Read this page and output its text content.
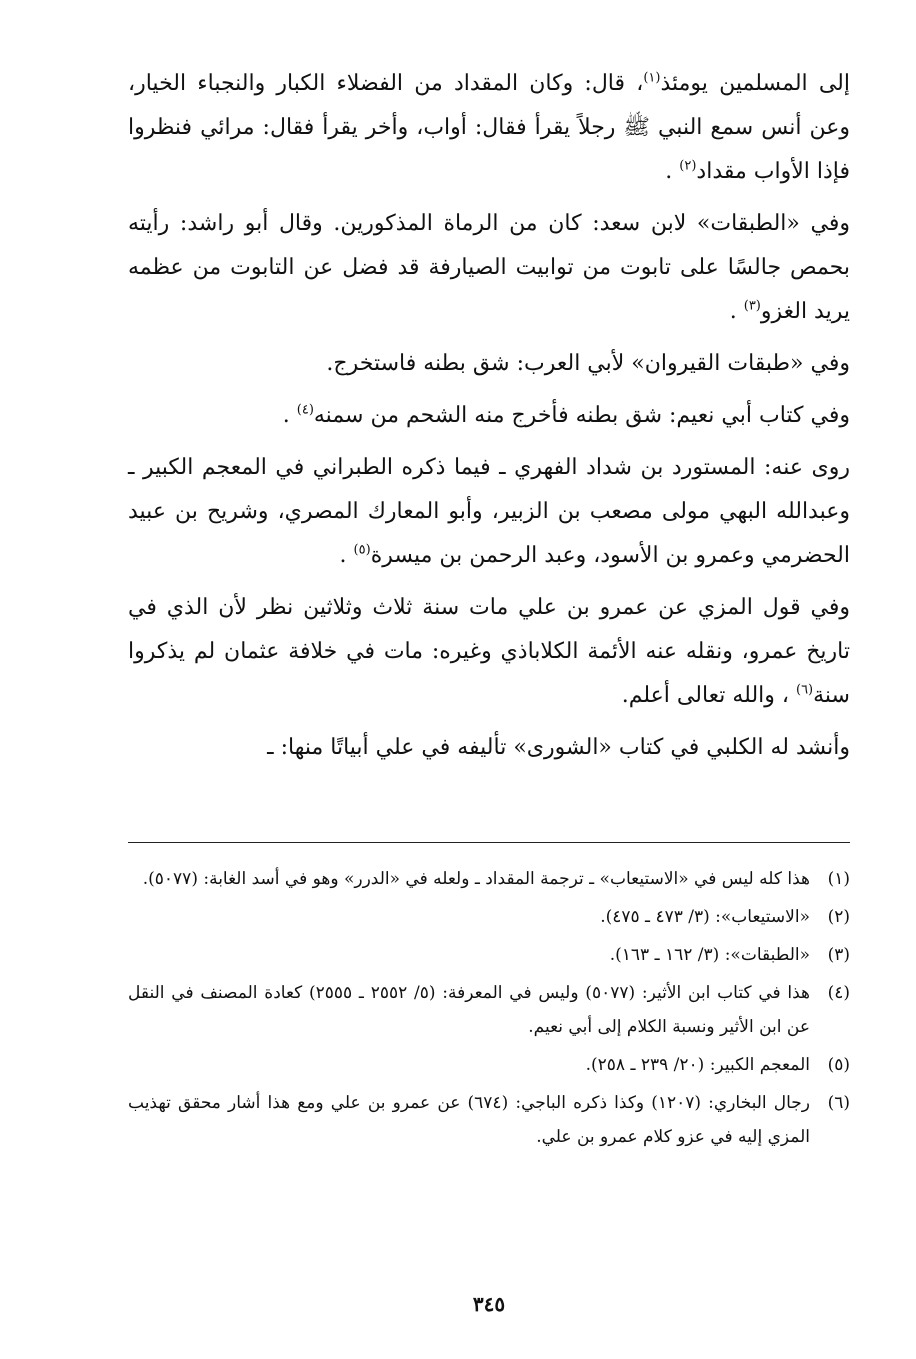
إلى المسلمين يومئذ$^{(١)}$، قال: وكان المقداد من الفضلاء الكبار والنجباء الخيار، وعن أنس سمع النبي ﷺ رجلاً يقرأ فقال: أواب، وأخر يقرأ فقال: مرائي فنظروا فإذا الأواب مقداد$^{(٢)}$ .

وفي «الطبقات» لابن سعد: كان من الرماة المذكورين. وقال أبو راشد: رأيته بحمص جالسًا على تابوت من توابيت الصيارفة قد فضل عن التابوت من عظمه يريد الغزو$^{(٣)}$ .

وفي «طبقات القيروان» لأبي العرب: شق بطنه فاستخرج.

وفي كتاب أبي نعيم: شق بطنه فأخرج منه الشحم من سمنه$^{(٤)}$ .

روى عنه: المستورد بن شداد الفهري ـ فيما ذكره الطبراني في المعجم الكبير ـ وعبدالله البهي مولى مصعب بن الزبير، وأبو المعارك المصري، وشريح بن عبيد الحضرمي وعمرو بن الأسود، وعبد الرحمن بن ميسرة$^{(٥)}$ .

وفي قول المزي عن عمرو بن علي مات سنة ثلاث وثلاثين نظر لأن الذي في تاريخ عمرو، ونقله عنه الأئمة الكلاباذي وغيره: مات في خلافة عثمان لم يذكروا سنة$^{(٦)}$ ، والله تعالى أعلم.

وأنشد له الكلبي في كتاب «الشورى» تأليفه في علي أبياتًا منها: ـ

(١)
هذا كله ليس في «الاستيعاب» ـ ترجمة المقداد ـ ولعله في «الدرر» وهو في أسد الغابة: (٥٠٧٧).
(٢)
«الاستيعاب»: (٣/ ٤٧٣ ـ ٤٧٥).
(٣)
«الطبقات»: (٣/ ١٦٢ ـ ١٦٣).
(٤)
هذا في كتاب ابن الأثير: (٥٠٧٧) وليس في المعرفة: (٥/ ٢٥٥٢ ـ ٢٥٥٥) كعادة المصنف في النقل عن ابن الأثير ونسبة الكلام إلى أبي نعيم.
(٥)
المعجم الكبير: (٢٠/ ٢٣٩ ـ ٢٥٨).
(٦)
رجال البخاري: (١٢٠٧) وكذا ذكره الباجي: (٦٧٤) عن عمرو بن علي ومع هذا أشار محقق تهذيب المزي إليه في عزو كلام عمرو بن علي.
٣٤٥
